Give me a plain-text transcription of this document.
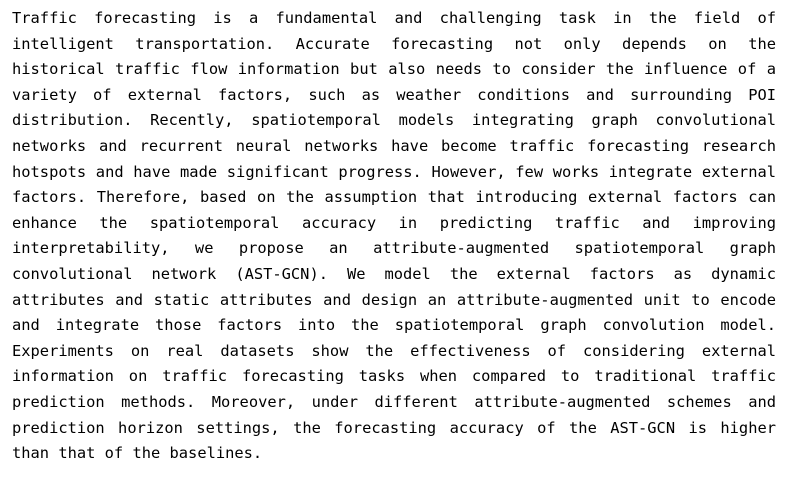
Traffic forecasting is a fundamental and challenging task in the field of intelligent transportation. Accurate forecasting not only depends on the historical traffic flow information but also needs to consider the influence of a variety of external factors, such as weather conditions and surrounding POI distribution. Recently, spatiotemporal models integrating graph convolutional networks and recurrent neural networks have become traffic forecasting research hotspots and have made significant progress. However, few works integrate external factors. Therefore, based on the assumption that introducing external factors can enhance the spatiotemporal accuracy in predicting traffic and improving interpretability, we propose an attribute-augmented spatiotemporal graph convolutional network (AST-GCN). We model the external factors as dynamic attributes and static attributes and design an attribute-augmented unit to encode and integrate those factors into the spatiotemporal graph convolution model. Experiments on real datasets show the effectiveness of considering external information on traffic forecasting tasks when compared to traditional traffic prediction methods. Moreover, under different attribute-augmented schemes and prediction horizon settings, the forecasting accuracy of the AST-GCN is higher than that of the baselines.
